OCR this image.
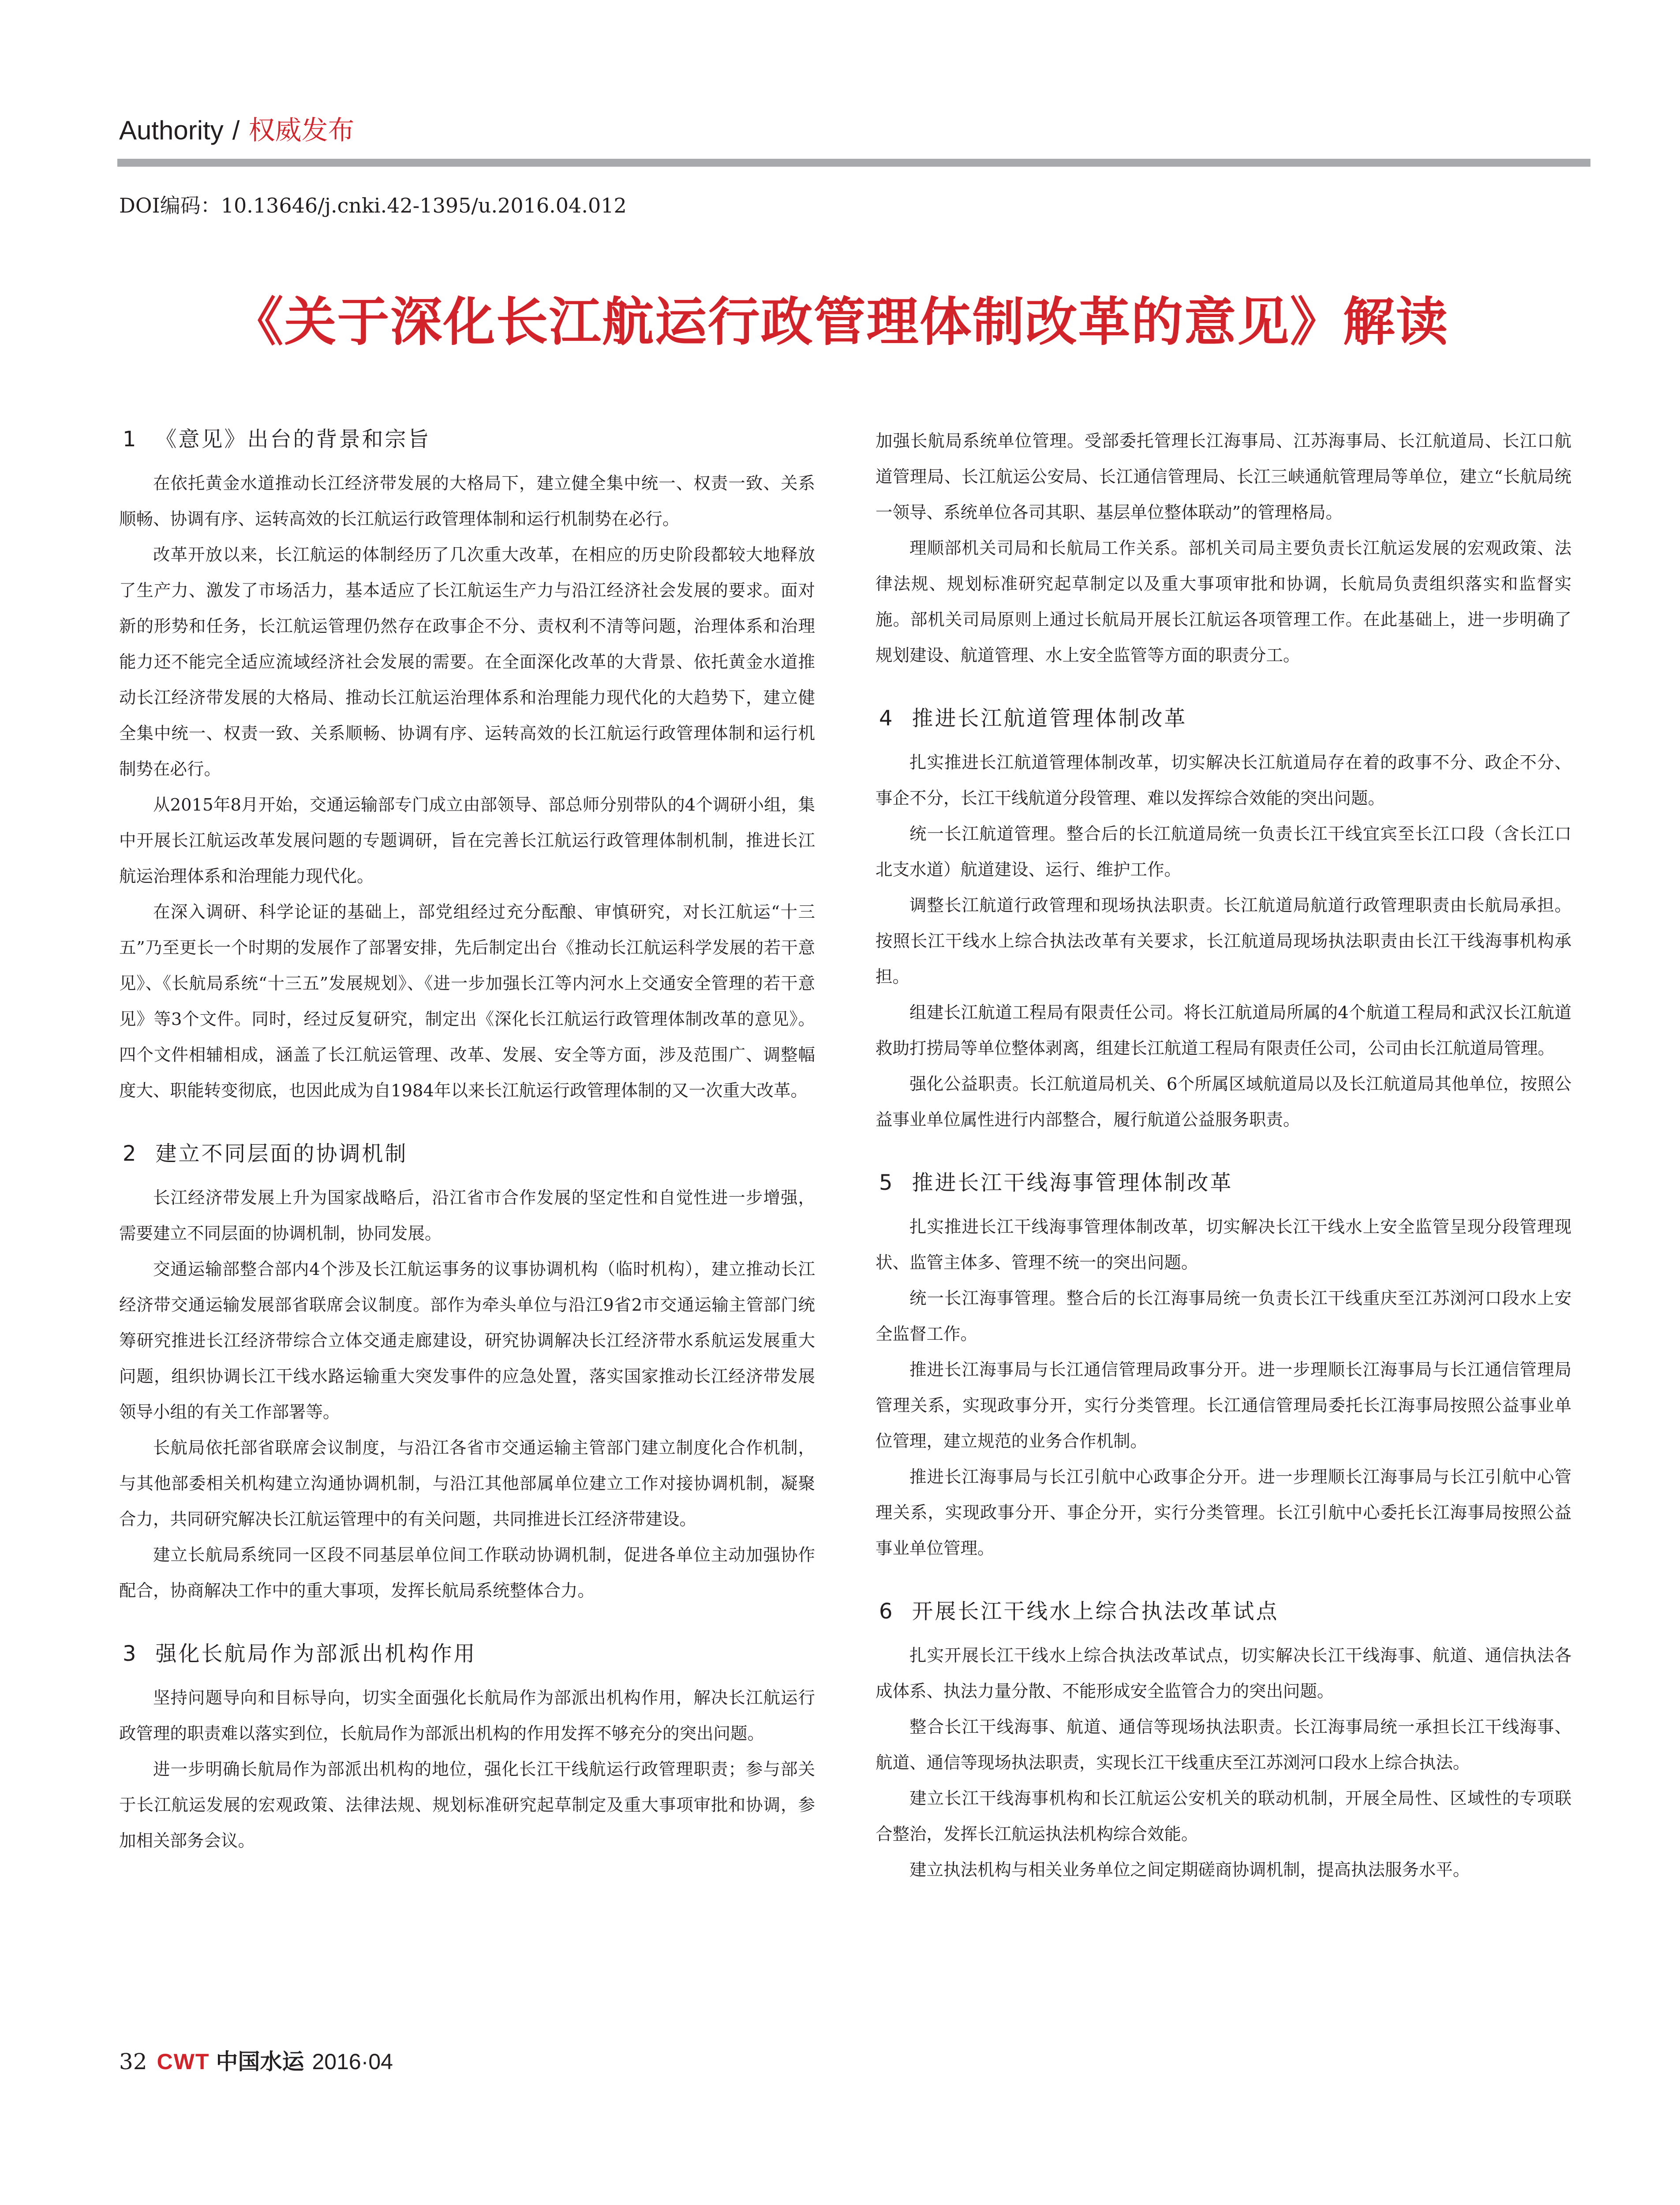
Authority / 权威发布
DOI编码：10.13646/j.cnki.42-1395/u.2016.04.012
《关于深化长江航运行政管理体制改革的意见》解读
1 《意见》出台的背景和宗旨

在依托黄金水道推动长江经济带发展的大格局下，建立健全集中统一、权责一致、关系顺畅、协调有序、运转高效的长江航运行政管理体制和运行机制势在必行。

改革开放以来，长江航运的体制经历了几次重大改革，在相应的历史阶段都较大地释放了生产力、激发了市场活力，基本适应了长江航运生产力与沿江经济社会发展的要求。面对新的形势和任务，长江航运管理仍然存在政事企不分、责权利不清等问题，治理体系和治理能力还不能完全适应流域经济社会发展的需要。在全面深化改革的大背景、依托黄金水道推动长江经济带发展的大格局、推动长江航运治理体系和治理能力现代化的大趋势下，建立健全集中统一、权责一致、关系顺畅、协调有序、运转高效的长江航运行政管理体制和运行机制势在必行。

从2015年8月开始，交通运输部专门成立由部领导、部总师分别带队的4个调研小组，集中开展长江航运改革发展问题的专题调研，旨在完善长江航运行政管理体制机制，推进长江航运治理体系和治理能力现代化。

在深入调研、科学论证的基础上，部党组经过充分酝酿、审慎研究，对长江航运“十三五”乃至更长一个时期的发展作了部署安排，先后制定出台《推动长江航运科学发展的若干意见》、《长航局系统“十三五”发展规划》、《进一步加强长江等内河水上交通安全管理的若干意见》等3个文件。同时，经过反复研究，制定出《深化长江航运行政管理体制改革的意见》。四个文件相辅相成，涵盖了长江航运管理、改革、发展、安全等方面，涉及范围广、调整幅度大、职能转变彻底，也因此成为自1984年以来长江航运行政管理体制的又一次重大改革。

2 建立不同层面的协调机制

长江经济带发展上升为国家战略后，沿江省市合作发展的坚定性和自觉性进一步增强，需要建立不同层面的协调机制，协同发展。

交通运输部整合部内4个涉及长江航运事务的议事协调机构（临时机构），建立推动长江经济带交通运输发展部省联席会议制度。部作为牵头单位与沿江9省2市交通运输主管部门统筹研究推进长江经济带综合立体交通走廊建设，研究协调解决长江经济带水系航运发展重大问题，组织协调长江干线水路运输重大突发事件的应急处置，落实国家推动长江经济带发展领导小组的有关工作部署等。

长航局依托部省联席会议制度，与沿江各省市交通运输主管部门建立制度化合作机制，与其他部委相关机构建立沟通协调机制，与沿江其他部属单位建立工作对接协调机制，凝聚合力，共同研究解决长江航运管理中的有关问题，共同推进长江经济带建设。

建立长航局系统同一区段不同基层单位间工作联动协调机制，促进各单位主动加强协作配合，协商解决工作中的重大事项，发挥长航局系统整体合力。

3 强化长航局作为部派出机构作用

坚持问题导向和目标导向，切实全面强化长航局作为部派出机构作用，解决长江航运行政管理的职责难以落实到位，长航局作为部派出机构的作用发挥不够充分的突出问题。

进一步明确长航局作为部派出机构的地位，强化长江干线航运行政管理职责；参与部关于长江航运发展的宏观政策、法律法规、规划标准研究起草制定及重大事项审批和协调，参加相关部务会议。

加强长航局系统单位管理。受部委托管理长江海事局、江苏海事局、长江航道局、长江口航道管理局、长江航运公安局、长江通信管理局、长江三峡通航管理局等单位，建立“长航局统一领导、系统单位各司其职、基层单位整体联动”的管理格局。

理顺部机关司局和长航局工作关系。部机关司局主要负责长江航运发展的宏观政策、法律法规、规划标准研究起草制定以及重大事项审批和协调，长航局负责组织落实和监督实施。部机关司局原则上通过长航局开展长江航运各项管理工作。在此基础上，进一步明确了规划建设、航道管理、水上安全监管等方面的职责分工。

4 推进长江航道管理体制改革

扎实推进长江航道管理体制改革，切实解决长江航道局存在着的政事不分、政企不分、事企不分，长江干线航道分段管理、难以发挥综合效能的突出问题。

统一长江航道管理。整合后的长江航道局统一负责长江干线宜宾至长江口段（含长江口北支水道）航道建设、运行、维护工作。

调整长江航道行政管理和现场执法职责。长江航道局航道行政管理职责由长航局承担。按照长江干线水上综合执法改革有关要求，长江航道局现场执法职责由长江干线海事机构承担。

组建长江航道工程局有限责任公司。将长江航道局所属的4个航道工程局和武汉长江航道救助打捞局等单位整体剥离，组建长江航道工程局有限责任公司，公司由长江航道局管理。

强化公益职责。长江航道局机关、6个所属区域航道局以及长江航道局其他单位，按照公益事业单位属性进行内部整合，履行航道公益服务职责。

5 推进长江干线海事管理体制改革

扎实推进长江干线海事管理体制改革，切实解决长江干线水上安全监管呈现分段管理现状、监管主体多、管理不统一的突出问题。

统一长江海事管理。整合后的长江海事局统一负责长江干线重庆至江苏浏河口段水上安全监督工作。

推进长江海事局与长江通信管理局政事分开。进一步理顺长江海事局与长江通信管理局管理关系，实现政事分开，实行分类管理。长江通信管理局委托长江海事局按照公益事业单位管理，建立规范的业务合作机制。

推进长江海事局与长江引航中心政事企分开。进一步理顺长江海事局与长江引航中心管理关系，实现政事分开、事企分开，实行分类管理。长江引航中心委托长江海事局按照公益事业单位管理。

6 开展长江干线水上综合执法改革试点

扎实开展长江干线水上综合执法改革试点，切实解决长江干线海事、航道、通信执法各成体系、执法力量分散、不能形成安全监管合力的突出问题。

整合长江干线海事、航道、通信等现场执法职责。长江海事局统一承担长江干线海事、航道、通信等现场执法职责，实现长江干线重庆至江苏浏河口段水上综合执法。

建立长江干线海事机构和长江航运公安机关的联动机制，开展全局性、区域性的专项联合整治，发挥长江航运执法机构综合效能。

建立执法机构与相关业务单位之间定期磋商协调机制，提高执法服务水平。

32 CWT 中国水运 2016·04
